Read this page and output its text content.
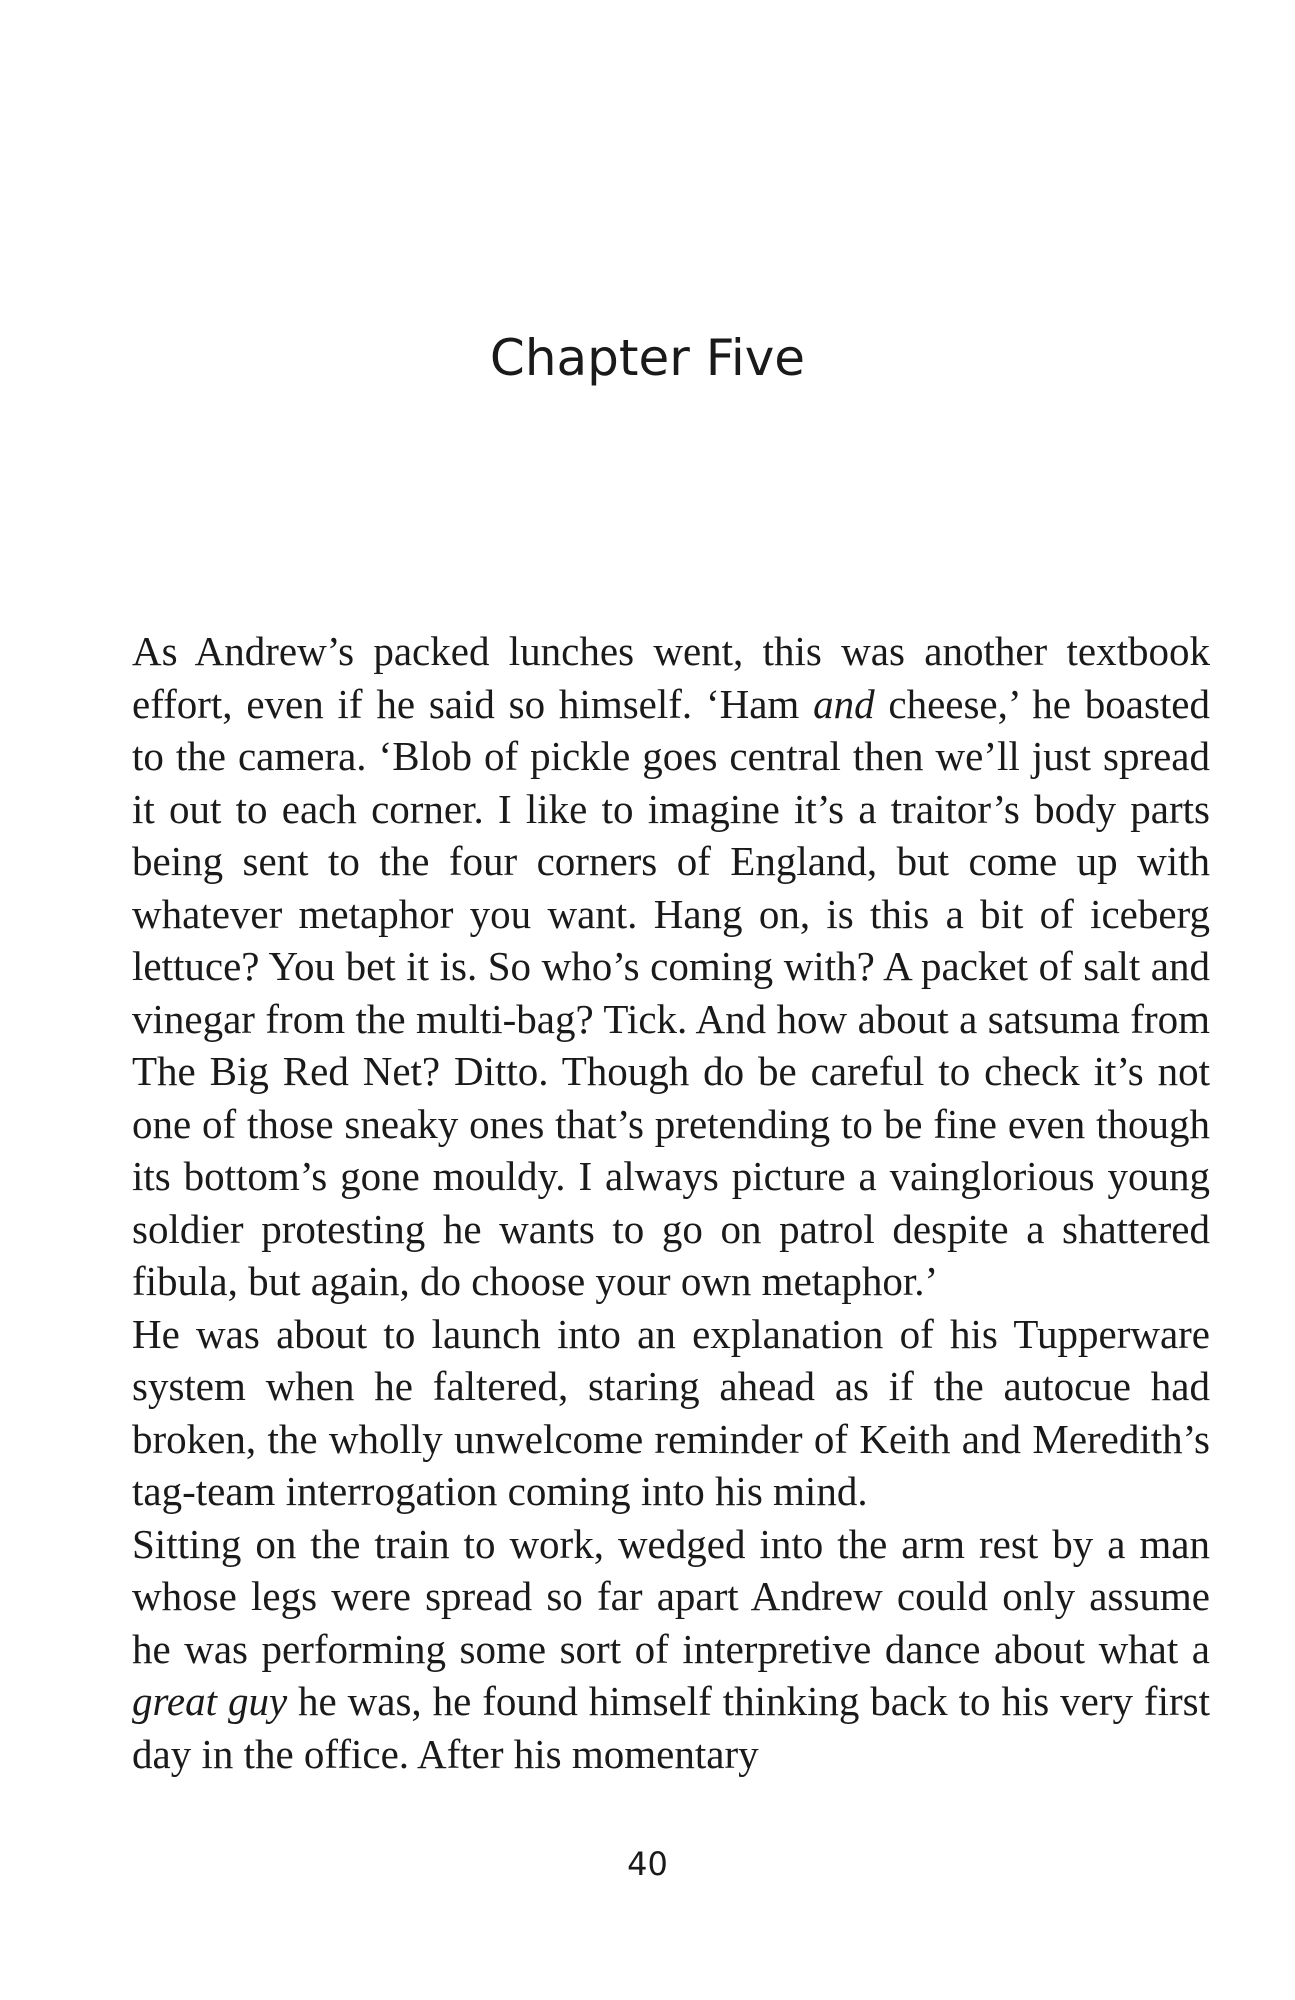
Chapter Five

As Andrew’s packed lunches went, this was another textbook effort, even if he said so himself. ‘Ham and cheese,’ he boasted to the camera. ‘Blob of pickle goes central then we’ll just spread it out to each corner. I like to imagine it’s a traitor’s body parts being sent to the four corners of England, but come up with whatever metaphor you want. Hang on, is this a bit of iceberg lettuce? You bet it is. So who’s coming with? A packet of salt and vinegar from the multi-bag? Tick. And how about a satsuma from The Big Red Net? Ditto. Though do be careful to check it’s not one of those sneaky ones that’s pretending to be fine even though its bottom’s gone mouldy. I always picture a vainglorious young soldier protesting he wants to go on patrol despite a shattered fibula, but again, do choose your own metaphor.’

He was about to launch into an explanation of his Tupperware system when he faltered, staring ahead as if the autocue had broken, the wholly unwelcome reminder of Keith and Meredith’s tag-team interrogation coming into his mind.

Sitting on the train to work, wedged into the arm rest by a man whose legs were spread so far apart Andrew could only assume he was performing some sort of interpretive dance about what a great guy he was, he found himself thinking back to his very first day in the office. After his momentary

40
